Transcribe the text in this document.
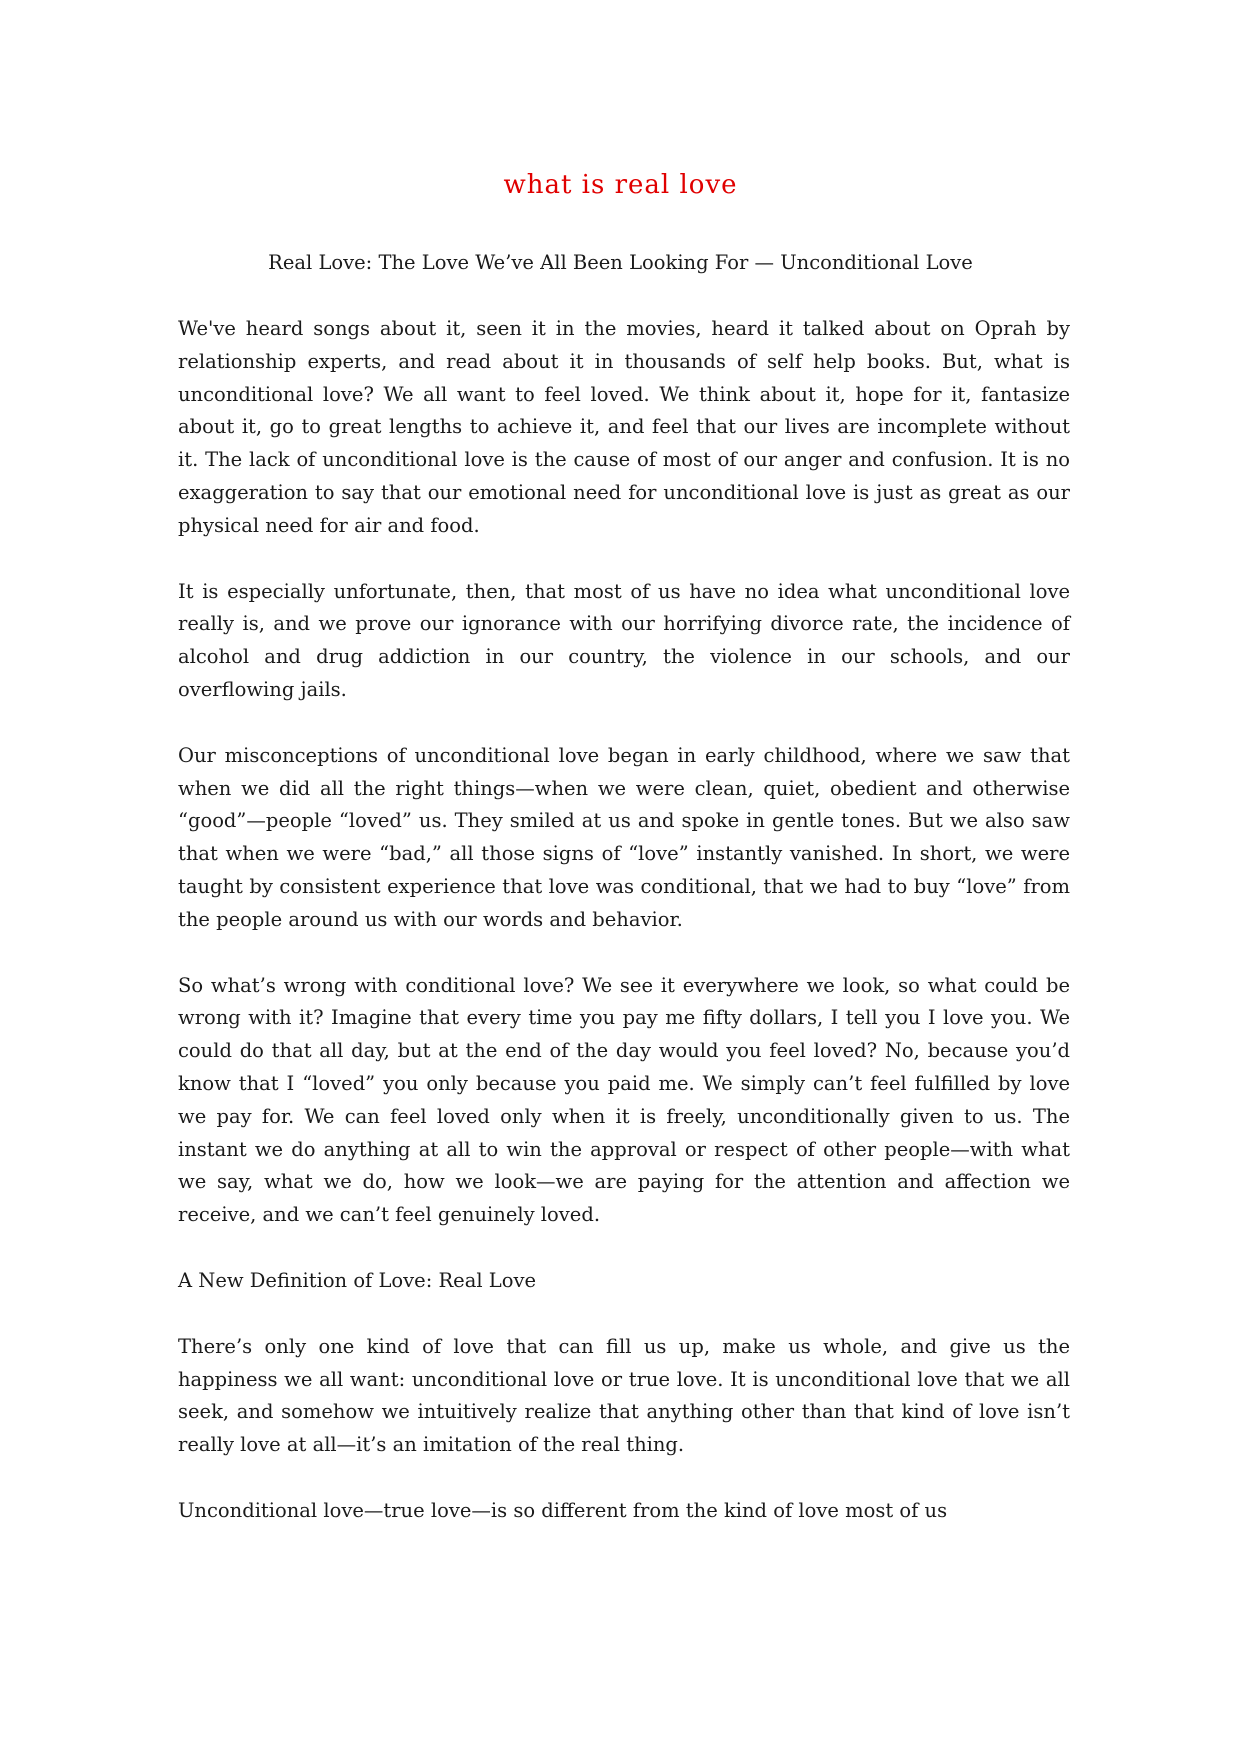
what is real love

Real Love: The Love We’ve All Been Looking For — Unconditional Love

We've heard songs about it, seen it in the movies, heard it talked about on Oprah by relationship experts, and read about it in thousands of self help books. But, what is unconditional love? We all want to feel loved. We think about it, hope for it, fantasize about it, go to great lengths to achieve it, and feel that our lives are incomplete without it. The lack of unconditional love is the cause of most of our anger and confusion. It is no exaggeration to say that our emotional need for unconditional love is just as great as our physical need for air and food.

It is especially unfortunate, then, that most of us have no idea what unconditional love really is, and we prove our ignorance with our horrifying divorce rate, the incidence of alcohol and drug addiction in our country, the violence in our schools, and our overflowing jails.

Our misconceptions of unconditional love began in early childhood, where we saw that when we did all the right things—when we were clean, quiet, obedient and otherwise “good”—people “loved” us. They smiled at us and spoke in gentle tones. But we also saw that when we were “bad,” all those signs of “love” instantly vanished. In short, we were taught by consistent experience that love was conditional, that we had to buy “love” from the people around us with our words and behavior.

So what’s wrong with conditional love? We see it everywhere we look, so what could be wrong with it? Imagine that every time you pay me fifty dollars, I tell you I love you. We could do that all day, but at the end of the day would you feel loved? No, because you’d know that I “loved” you only because you paid me. We simply can’t feel fulfilled by love we pay for. We can feel loved only when it is freely, unconditionally given to us. The instant we do anything at all to win the approval or respect of other people—with what we say, what we do, how we look—we are paying for the attention and affection we receive, and we can’t feel genuinely loved.

A New Definition of Love: Real Love

There’s only one kind of love that can fill us up, make us whole, and give us the happiness we all want: unconditional love or true love. It is unconditional love that we all seek, and somehow we intuitively realize that anything other than that kind of love isn’t really love at all—it’s an imitation of the real thing.

Unconditional love—true love—is so different from the kind of love most of us
